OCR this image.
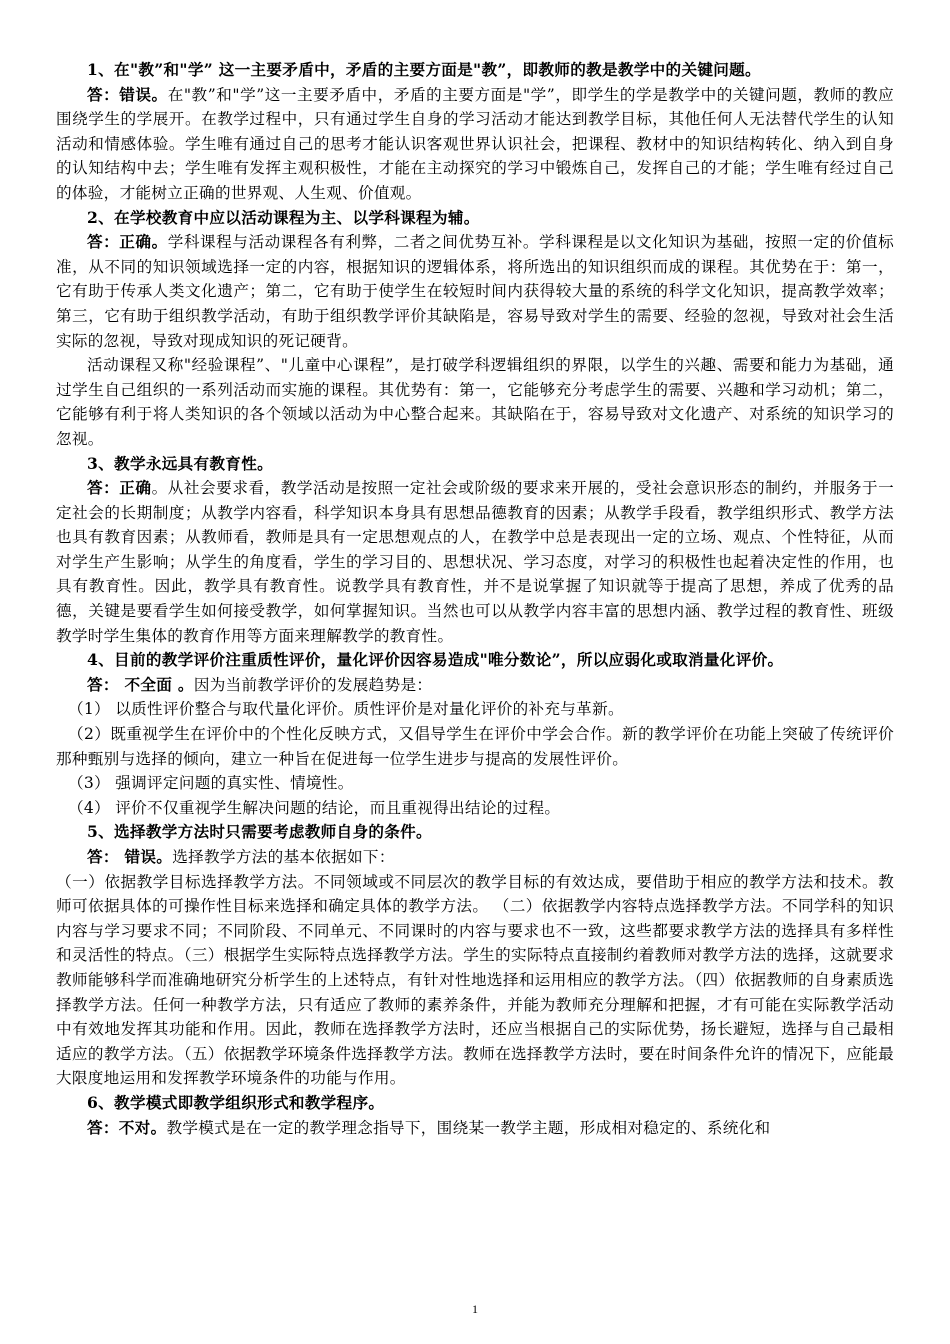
1、在"教”和"学” 这一主要矛盾中，矛盾的主要方面是"教”，即教师的教是教学中的关键问题。

答：错误。在"教”和"学”这一主要矛盾中，矛盾的主要方面是"学”，即学生的学是教学中的关键问题，教师的教应围绕学生的学展开。在教学过程中，只有通过学生自身的学习活动才能达到教学目标，其他任何人无法替代学生的认知活动和情感体验。学生唯有通过自己的思考才能认识客观世界认识社会，把课程、教材中的知识结构转化、纳入到自身的认知结构中去；学生唯有发挥主观积极性，才能在主动探究的学习中锻炼自己，发挥自己的才能；学生唯有经过自己的体验，才能树立正确的世界观、人生观、价值观。

2、在学校教育中应以活动课程为主、以学科课程为辅。

答：正确。学科课程与活动课程各有利弊，二者之间优势互补。学科课程是以文化知识为基础，按照一定的价值标准，从不同的知识领域选择一定的内容，根据知识的逻辑体系，将所选出的知识组织而成的课程。其优势在于：第一，它有助于传承人类文化遗产；第二，它有助于使学生在较短时间内获得较大量的系统的科学文化知识，提高教学效率；第三，它有助于组织教学活动，有助于组织教学评价其缺陷是，容易导致对学生的需要、经验的忽视，导致对社会生活实际的忽视，导致对现成知识的死记硬背。

活动课程又称"经验课程”、"儿童中心课程”，是打破学科逻辑组织的界限，以学生的兴趣、需要和能力为基础，通过学生自己组织的一系列活动而实施的课程。其优势有：第一，它能够充分考虑学生的需要、兴趣和学习动机；第二，它能够有利于将人类知识的各个领域以活动为中心整合起来。其缺陷在于，容易导致对文化遗产、对系统的知识学习的忽视。

3、教学永远具有教育性。

答：正确。从社会要求看，教学活动是按照一定社会或阶级的要求来开展的，受社会意识形态的制约，并服务于一定社会的长期制度；从教学内容看，科学知识本身具有思想品德教育的因素；从教学手段看，教学组织形式、教学方法也具有教育因素；从教师看，教师是具有一定思想观点的人，在教学中总是表现出一定的立场、观点、个性特征，从而对学生产生影响；从学生的角度看，学生的学习目的、思想状况、学习态度，对学习的积极性也起着决定性的作用，也具有教育性。因此，教学具有教育性。说教学具有教育性，并不是说掌握了知识就等于提高了思想，养成了优秀的品德，关键是要看学生如何接受教学，如何掌握知识。当然也可以从教学内容丰富的思想内涵、教学过程的教育性、班级教学时学生集体的教育作用等方面来理解教学的教育性。

4、目前的教学评价注重质性评价，量化评价因容易造成"唯分数论”，所以应弱化或取消量化评价。

答： 不全面 。因为当前教学评价的发展趋势是：

（1） 以质性评价整合与取代量化评价。质性评价是对量化评价的补充与革新。

（2）既重视学生在评价中的个性化反映方式，又倡导学生在评价中学会合作。新的教学评价在功能上突破了传统评价那种甄别与选择的倾向，建立一种旨在促进每一位学生进步与提高的发展性评价。

（3） 强调评定问题的真实性、情境性。

（4） 评价不仅重视学生解决问题的结论，而且重视得出结论的过程。

5、选择教学方法时只需要考虑教师自身的条件。

答： 错误。选择教学方法的基本依据如下：

（一）依据教学目标选择教学方法。不同领域或不同层次的教学目标的有效达成，要借助于相应的教学方法和技术。教师可依据具体的可操作性目标来选择和确定具体的教学方法。 （二）依据教学内容特点选择教学方法。不同学科的知识内容与学习要求不同；不同阶段、不同单元、不同课时的内容与要求也不一致，这些都要求教学方法的选择具有多样性和灵活性的特点。（三）根据学生实际特点选择教学方法。学生的实际特点直接制约着教师对教学方法的选择，这就要求教师能够科学而准确地研究分析学生的上述特点，有针对性地选择和运用相应的教学方法。（四）依据教师的自身素质选择教学方法。任何一种教学方法，只有适应了教师的素养条件，并能为教师充分理解和把握，才有可能在实际教学活动中有效地发挥其功能和作用。因此，教师在选择教学方法时，还应当根据自己的实际优势，扬长避短，选择与自己最相适应的教学方法。（五）依据教学环境条件选择教学方法。教师在选择教学方法时，要在时间条件允许的情况下，应能最大限度地运用和发挥教学环境条件的功能与作用。

6、教学模式即教学组织形式和教学程序。

答：不对。教学模式是在一定的教学理念指导下，围绕某一教学主题，形成相对稳定的、系统化和

1
